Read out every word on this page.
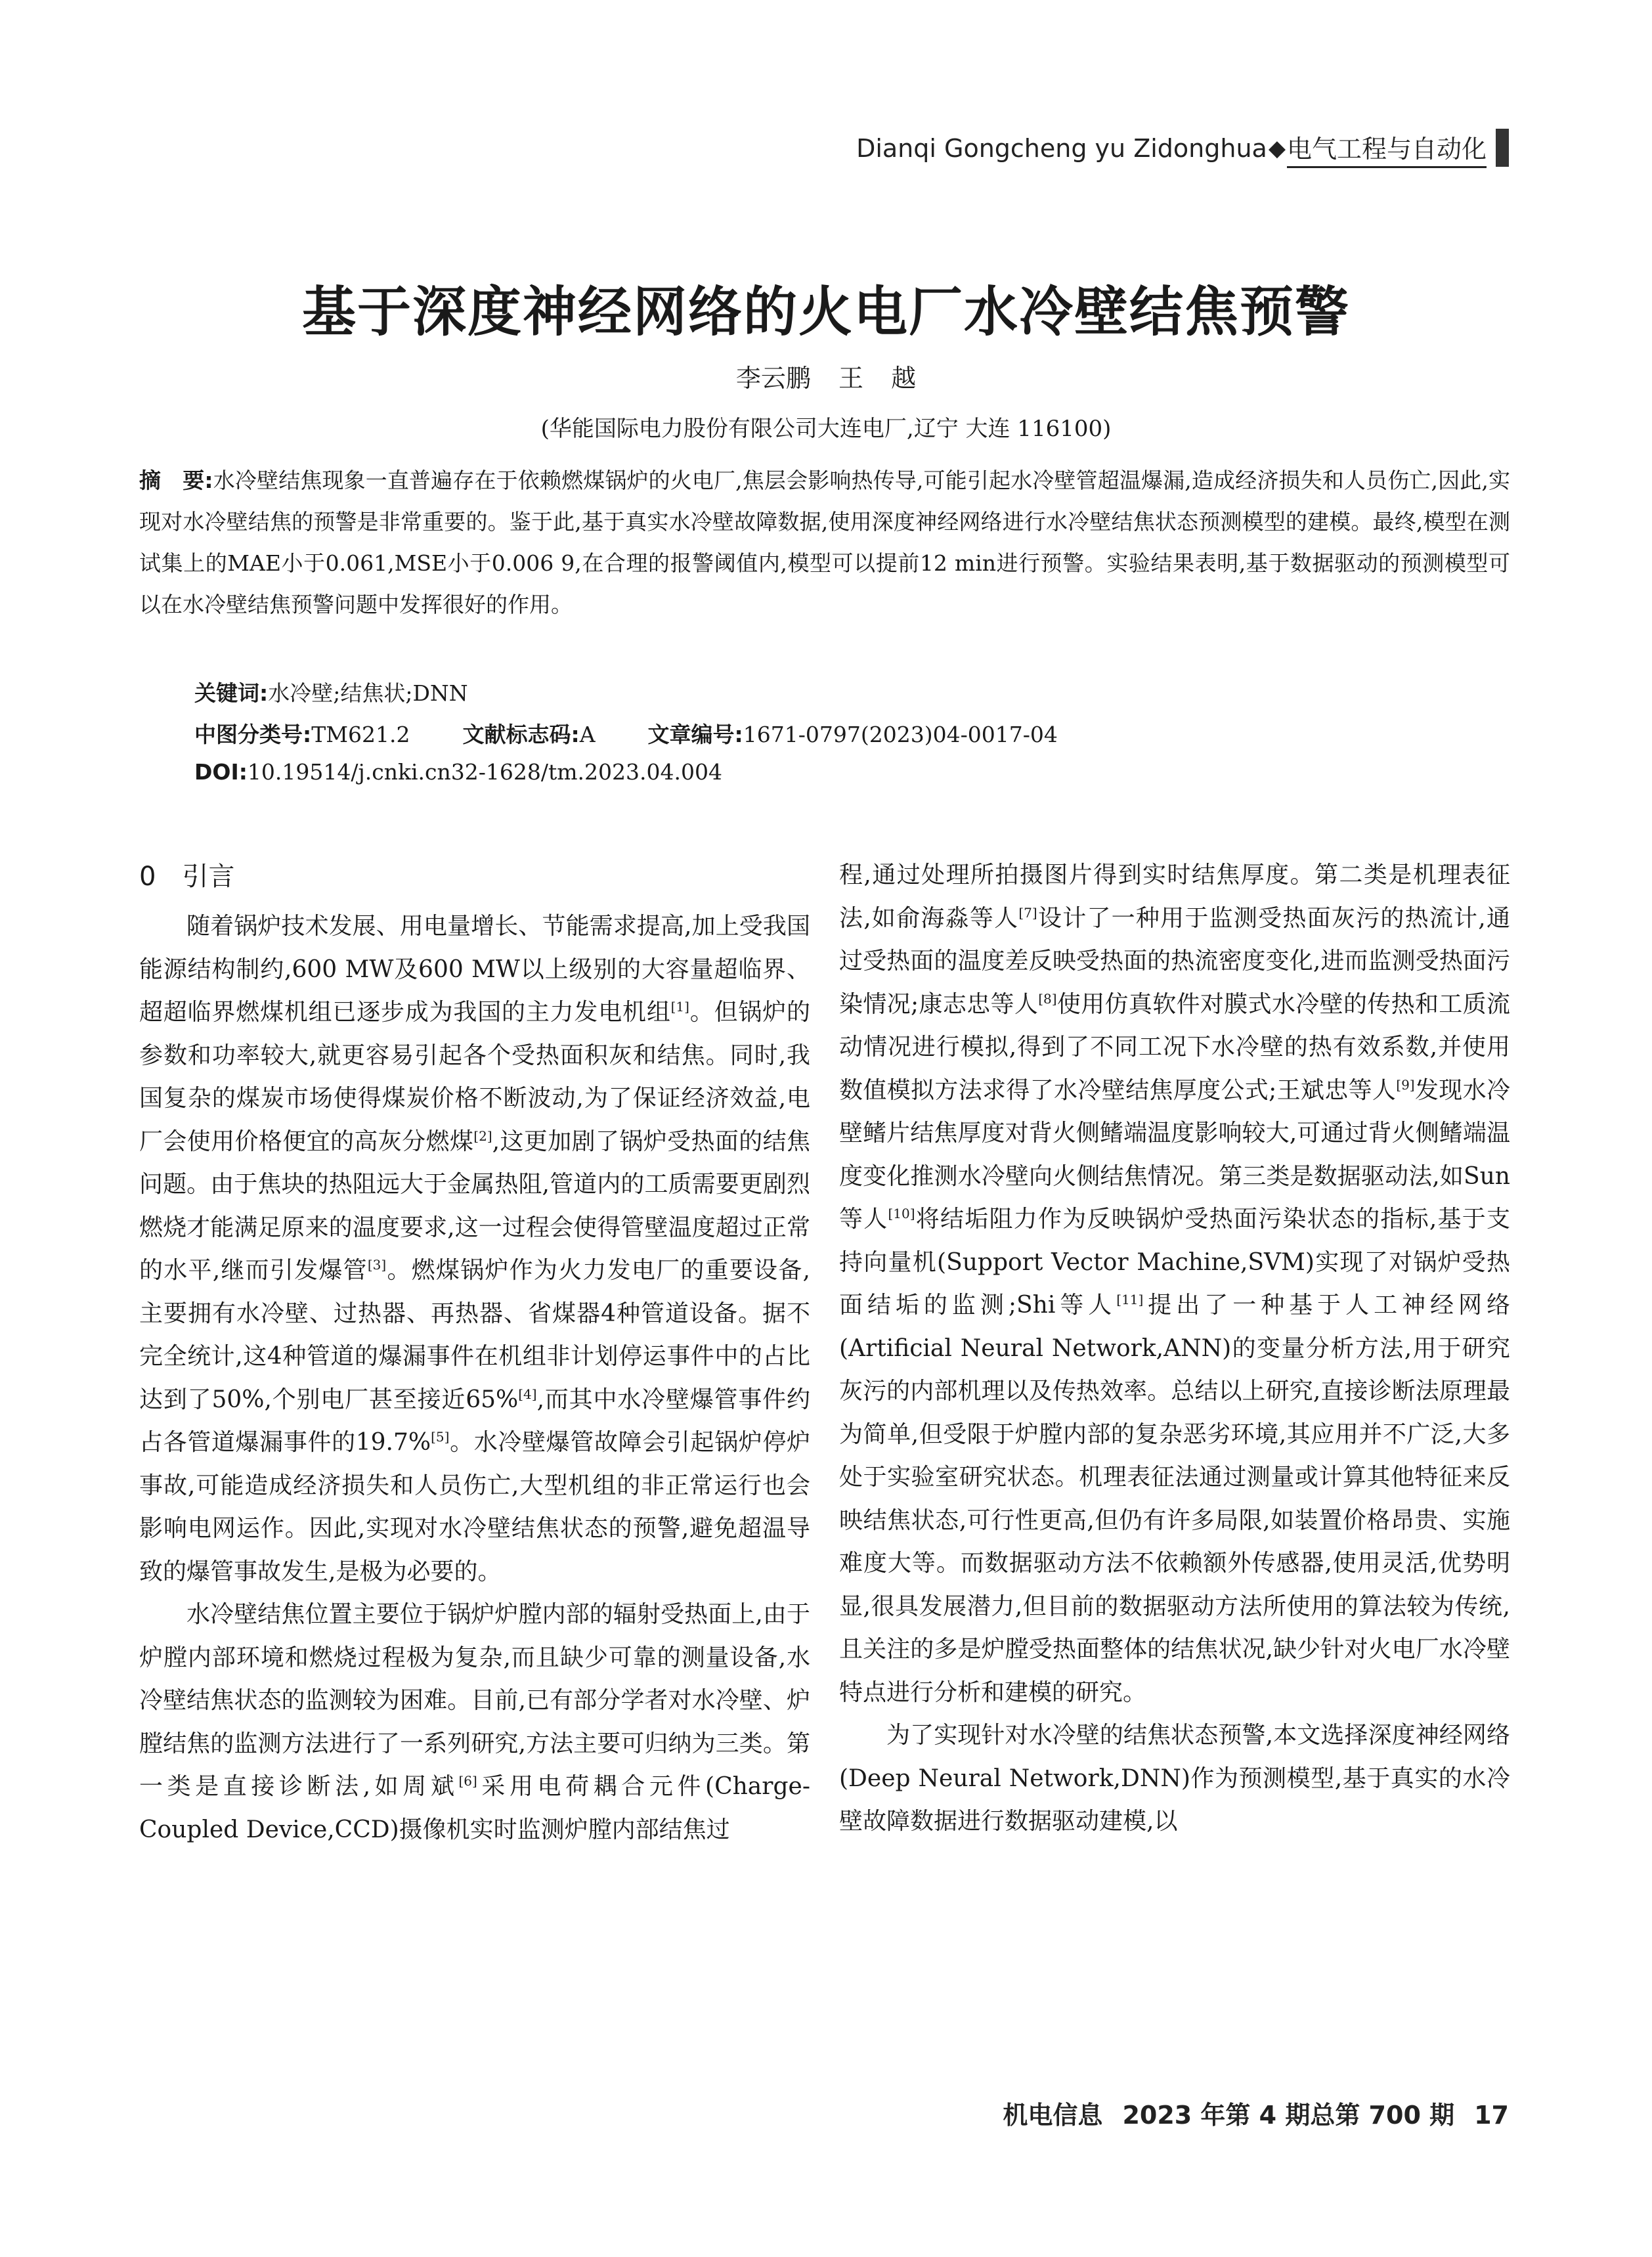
Dianqi Gongcheng yu Zidonghua ◆ 电气工程与自动化
基于深度神经网络的火电厂水冷壁结焦预警
李云鹏 王 越
(华能国际电力股份有限公司大连电厂,辽宁 大连 116100)
摘　要:水冷壁结焦现象一直普遍存在于依赖燃煤锅炉的火电厂,焦层会影响热传导,可能引起水冷壁管超温爆漏,造成经济损失和人员伤亡,因此,实现对水冷壁结焦的预警是非常重要的。鉴于此,基于真实水冷壁故障数据,使用深度神经网络进行水冷壁结焦状态预测模型的建模。最终,模型在测试集上的MAE小于0.061,MSE小于0.006 9,在合理的报警阈值内,模型可以提前12 min进行预警。实验结果表明,基于数据驱动的预测模型可以在水冷壁结焦预警问题中发挥很好的作用。
关键词:水冷壁;结焦状;DNN
中图分类号:TM621.2 文献标志码:A 文章编号:1671-0797(2023)04-0017-04
DOI:10.19514/j.cnki.cn32-1628/tm.2023.04.004
0 引言

随着锅炉技术发展、用电量增长、节能需求提高,加上受我国能源结构制约,600 MW及600 MW以上级别的大容量超临界、超超临界燃煤机组已逐步成为我国的主力发电机组[1]。但锅炉的参数和功率较大,就更容易引起各个受热面积灰和结焦。同时,我国复杂的煤炭市场使得煤炭价格不断波动,为了保证经济效益,电厂会使用价格便宜的高灰分燃煤[2],这更加剧了锅炉受热面的结焦问题。由于焦块的热阻远大于金属热阻,管道内的工质需要更剧烈燃烧才能满足原来的温度要求,这一过程会使得管壁温度超过正常的水平,继而引发爆管[3]。燃煤锅炉作为火力发电厂的重要设备,主要拥有水冷壁、过热器、再热器、省煤器4种管道设备。据不完全统计,这4种管道的爆漏事件在机组非计划停运事件中的占比达到了50%,个别电厂甚至接近65%[4],而其中水冷壁爆管事件约占各管道爆漏事件的19.7%[5]。水冷壁爆管故障会引起锅炉停炉事故,可能造成经济损失和人员伤亡,大型机组的非正常运行也会影响电网运作。因此,实现对水冷壁结焦状态的预警,避免超温导致的爆管事故发生,是极为必要的。

水冷壁结焦位置主要位于锅炉炉膛内部的辐射受热面上,由于炉膛内部环境和燃烧过程极为复杂,而且缺少可靠的测量设备,水冷壁结焦状态的监测较为困难。目前,已有部分学者对水冷壁、炉膛结焦的监测方法进行了一系列研究,方法主要可归纳为三类。第一类是直接诊断法,如周斌[6]采用电荷耦合元件(Charge-Coupled Device,CCD)摄像机实时监测炉膛内部结焦过

程,通过处理所拍摄图片得到实时结焦厚度。第二类是机理表征法,如俞海淼等人[7]设计了一种用于监测受热面灰污的热流计,通过受热面的温度差反映受热面的热流密度变化,进而监测受热面污染情况;康志忠等人[8]使用仿真软件对膜式水冷壁的传热和工质流动情况进行模拟,得到了不同工况下水冷壁的热有效系数,并使用数值模拟方法求得了水冷壁结焦厚度公式;王斌忠等人[9]发现水冷壁鳍片结焦厚度对背火侧鳍端温度影响较大,可通过背火侧鳍端温度变化推测水冷壁向火侧结焦情况。第三类是数据驱动法,如Sun等人[10]将结垢阻力作为反映锅炉受热面污染状态的指标,基于支持向量机(Support Vector Machine,SVM)实现了对锅炉受热面结垢的监测;Shi等人[11]提出了一种基于人工神经网络(Artificial Neural Network,ANN)的变量分析方法,用于研究灰污的内部机理以及传热效率。总结以上研究,直接诊断法原理最为简单,但受限于炉膛内部的复杂恶劣环境,其应用并不广泛,大多处于实验室研究状态。机理表征法通过测量或计算其他特征来反映结焦状态,可行性更高,但仍有许多局限,如装置价格昂贵、实施难度大等。而数据驱动方法不依赖额外传感器,使用灵活,优势明显,很具发展潜力,但目前的数据驱动方法所使用的算法较为传统,且关注的多是炉膛受热面整体的结焦状况,缺少针对火电厂水冷壁特点进行分析和建模的研究。

为了实现针对水冷壁的结焦状态预警,本文选择深度神经网络(Deep Neural Network,DNN)作为预测模型,基于真实的水冷壁故障数据进行数据驱动建模,以

机电信息 2023 年第 4 期总第 700 期 17
